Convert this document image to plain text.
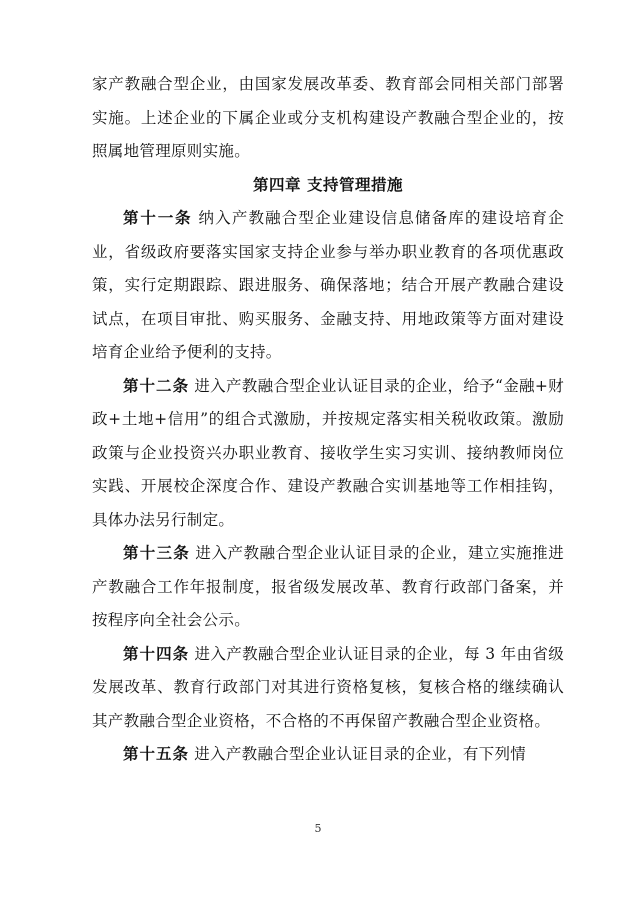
家产教融合型企业，由国家发展改革委、教育部会同相关部门部署实施。上述企业的下属企业或分支机构建设产教融合型企业的，按照属地管理原则实施。

第四章 支持管理措施

第十一条 纳入产教融合型企业建设信息储备库的建设培育企业，省级政府要落实国家支持企业参与举办职业教育的各项优惠政策，实行定期跟踪、跟进服务、确保落地；结合开展产教融合建设试点，在项目审批、购买服务、金融支持、用地政策等方面对建设培育企业给予便利的支持。

第十二条 进入产教融合型企业认证目录的企业，给予“金融+财政+土地+信用”的组合式激励，并按规定落实相关税收政策。激励政策与企业投资兴办职业教育、接收学生实习实训、接纳教师岗位实践、开展校企深度合作、建设产教融合实训基地等工作相挂钩，具体办法另行制定。

第十三条 进入产教融合型企业认证目录的企业，建立实施推进产教融合工作年报制度，报省级发展改革、教育行政部门备案，并按程序向全社会公示。

第十四条 进入产教融合型企业认证目录的企业，每 3 年由省级发展改革、教育行政部门对其进行资格复核，复核合格的继续确认其产教融合型企业资格，不合格的不再保留产教融合型企业资格。

第十五条 进入产教融合型企业认证目录的企业，有下列情

5
